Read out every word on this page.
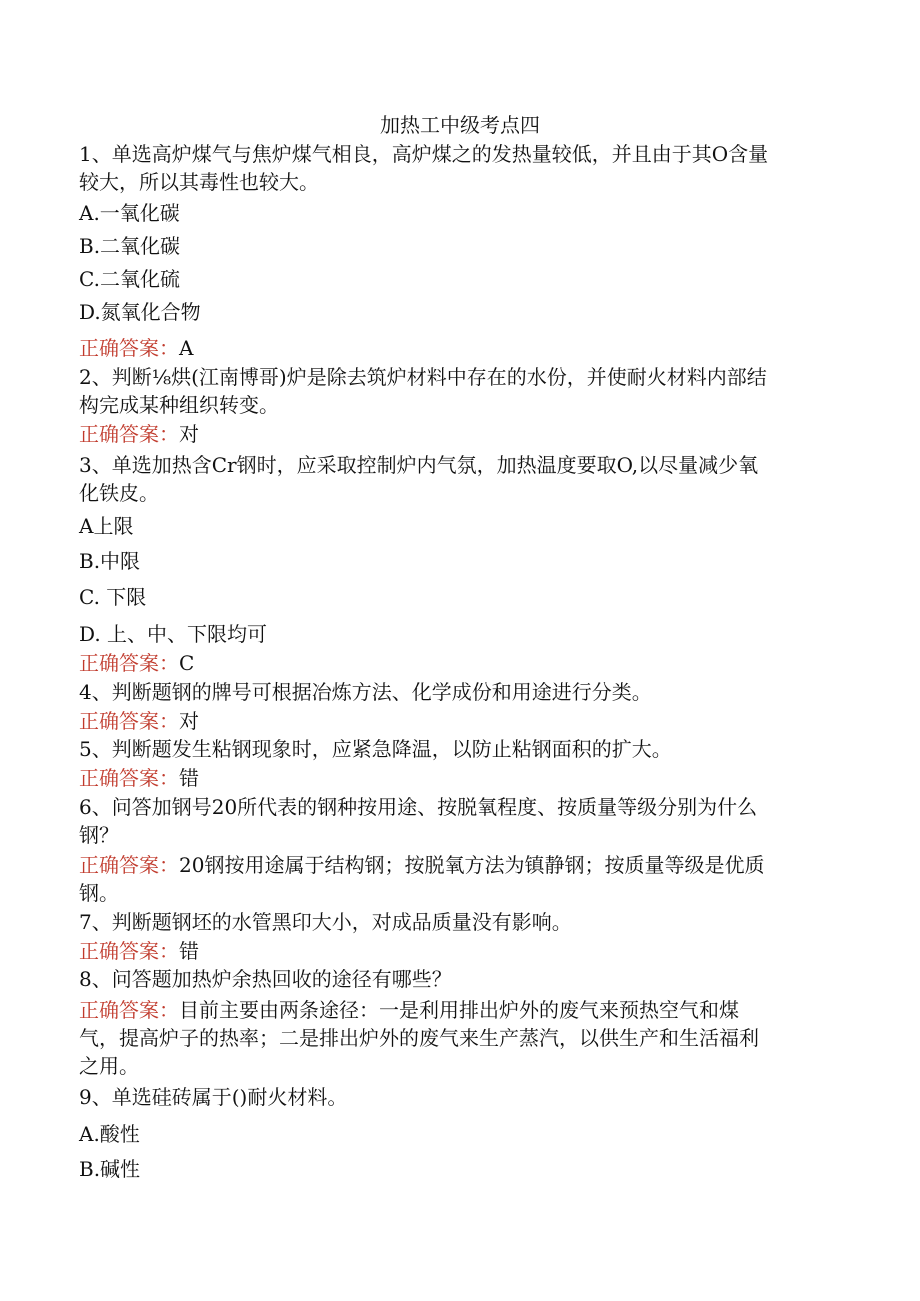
加热工中级考点四
1、单选高炉煤气与焦炉煤气相良，高炉煤之的发热量较低，并且由于其O含量
较大，所以其毒性也较大。
A.一氧化碳
B.二氧化碳
C.二氧化硫
D.氮氧化合物
正确答案：A
2、判断⅛烘(江南博哥)炉是除去筑炉材料中存在的水份，并使耐火材料内部结
构完成某种组织转变。
正确答案：对
3、单选加热含Cr钢时，应采取控制炉内气氛，加热温度要取O,以尽量减少氧
化铁皮。
A上限
B.中限
C. 下限
D. 上、中、下限均可
正确答案：C
4、判断题钢的牌号可根据冶炼方法、化学成份和用途进行分类。
正确答案：对
5、判断题发生粘钢现象时，应紧急降温，以防止粘钢面积的扩大。
正确答案：错
6、问答加钢号20所代表的钢种按用途、按脱氧程度、按质量等级分别为什么
钢？
正确答案：20钢按用途属于结构钢；按脱氧方法为镇静钢；按质量等级是优质
钢。
7、判断题钢坯的水管黑印大小，对成品质量没有影响。
正确答案：错
8、问答题加热炉余热回收的途径有哪些？
正确答案：目前主要由两条途径：一是利用排出炉外的废气来预热空气和煤
气，提高炉子的热率；二是排出炉外的废气来生产蒸汽，以供生产和生活福利
之用。
9、单选硅砖属于()耐火材料。
A.酸性
B.碱性
